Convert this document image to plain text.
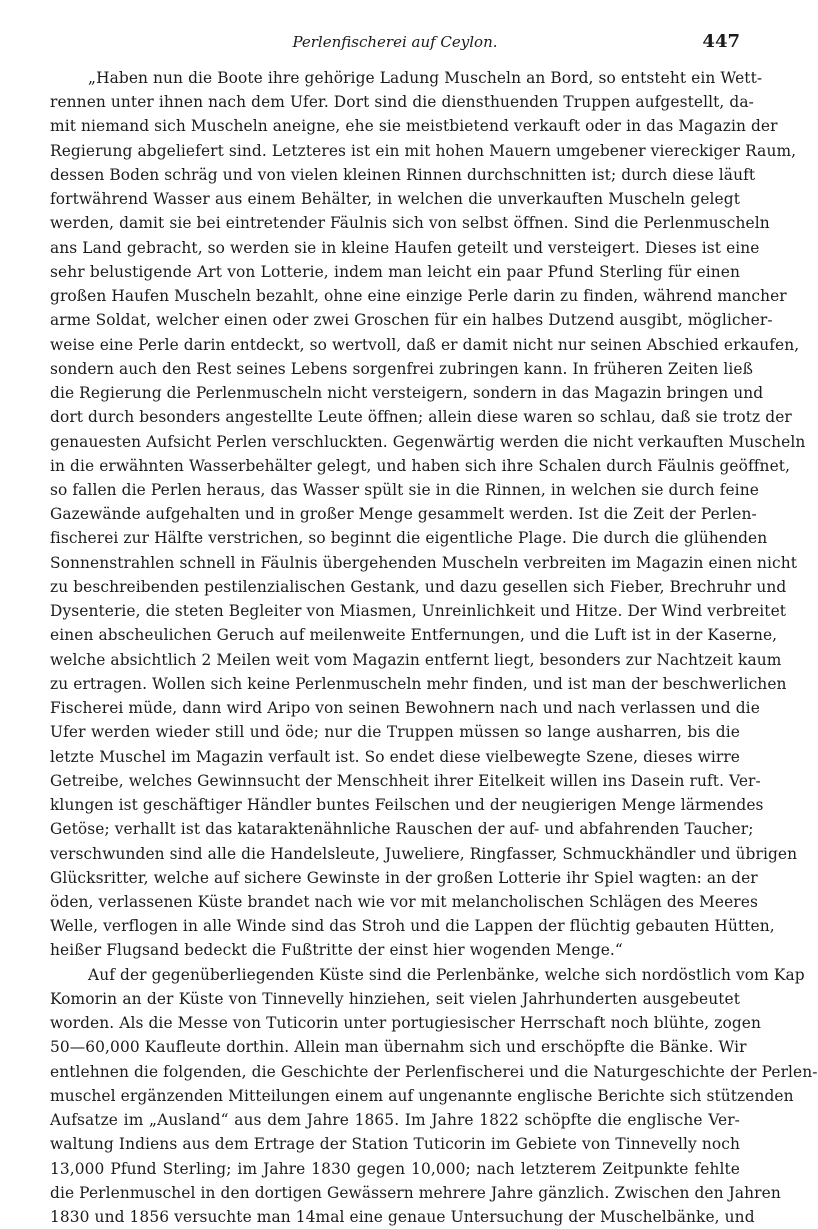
Perlenfischerei auf Ceylon.	447
„Haben nun die Boote ihre gehörige Ladung Muscheln an Bord, so entsteht ein Wett-
rennen unter ihnen nach dem Ufer. Dort sind die diensthuenden Truppen aufgestellt, da-
mit niemand sich Muscheln aneigne, ehe sie meistbietend verkauft oder in das Magazin der
Regierung abgeliefert sind. Letzteres ist ein mit hohen Mauern umgebener viereckiger Raum,
dessen Boden schräg und von vielen kleinen Rinnen durchschnitten ist; durch diese läuft
fortwährend Wasser aus einem Behälter, in welchen die unverkauften Muscheln gelegt
werden, damit sie bei eintretender Fäulnis sich von selbst öffnen. Sind die Perlenmuscheln
ans Land gebracht, so werden sie in kleine Haufen geteilt und versteigert. Dieses ist eine
sehr belustigende Art von Lotterie, indem man leicht ein paar Pfund Sterling für einen
großen Haufen Muscheln bezahlt, ohne eine einzige Perle darin zu finden, während mancher
arme Soldat, welcher einen oder zwei Groschen für ein halbes Dutzend ausgibt, möglicher-
weise eine Perle darin entdeckt, so wertvoll, daß er damit nicht nur seinen Abschied erkaufen,
sondern auch den Rest seines Lebens sorgenfrei zubringen kann. In früheren Zeiten ließ
die Regierung die Perlenmuscheln nicht versteigern, sondern in das Magazin bringen und
dort durch besonders angestellte Leute öffnen; allein diese waren so schlau, daß sie trotz der
genauesten Aufsicht Perlen verschluckten. Gegenwärtig werden die nicht verkauften Muscheln
in die erwähnten Wasserbehälter gelegt, und haben sich ihre Schalen durch Fäulnis geöffnet,
so fallen die Perlen heraus, das Wasser spült sie in die Rinnen, in welchen sie durch feine
Gazewände aufgehalten und in großer Menge gesammelt werden. Ist die Zeit der Perlen-
fischerei zur Hälfte verstrichen, so beginnt die eigentliche Plage. Die durch die glühenden
Sonnenstrahlen schnell in Fäulnis übergehenden Muscheln verbreiten im Magazin einen nicht
zu beschreibenden pestilenzialischen Gestank, und dazu gesellen sich Fieber, Brechruhr und
Dysenterie, die steten Begleiter von Miasmen, Unreinlichkeit und Hitze. Der Wind verbreitet
einen abscheulichen Geruch auf meilenweite Entfernungen, und die Luft ist in der Kaserne,
welche absichtlich 2 Meilen weit vom Magazin entfernt liegt, besonders zur Nachtzeit kaum
zu ertragen. Wollen sich keine Perlenmuscheln mehr finden, und ist man der beschwerlichen
Fischerei müde, dann wird Aripo von seinen Bewohnern nach und nach verlassen und die
Ufer werden wieder still und öde; nur die Truppen müssen so lange ausharren, bis die
letzte Muschel im Magazin verfault ist. So endet diese vielbewegte Szene, dieses wirre
Getreibe, welches Gewinnsucht der Menschheit ihrer Eitelkeit willen ins Dasein ruft. Ver-
klungen ist geschäftiger Händler buntes Feilschen und der neugierigen Menge lärmendes
Getöse; verhallt ist das kataraktenähnliche Rauschen der auf- und abfahrenden Taucher;
verschwunden sind alle die Handelsleute, Juweliere, Ringfasser, Schmuckhändler und übrigen
Glücksritter, welche auf sichere Gewinste in der großen Lotterie ihr Spiel wagten: an der
öden, verlassenen Küste brandet nach wie vor mit melancholischen Schlägen des Meeres
Welle, verflogen in alle Winde sind das Stroh und die Lappen der flüchtig gebauten Hütten,
heißer Flugsand bedeckt die Fußtritte der einst hier wogenden Menge.“
Auf der gegenüberliegenden Küste sind die Perlenbänke, welche sich nordöstlich vom Kap
Komorin an der Küste von Tinnevelly hinziehen, seit vielen Jahrhunderten ausgebeutet
worden. Als die Messe von Tuticorin unter portugiesischer Herrschaft noch blühte, zogen
50—60,000 Kaufleute dorthin. Allein man übernahm sich und erschöpfte die Bänke. Wir
entlehnen die folgenden, die Geschichte der Perlenfischerei und die Naturgeschichte der Perlen-
muschel ergänzenden Mitteilungen einem auf ungenannte englische Berichte sich stützenden
Aufsatze im „Ausland“ aus dem Jahre 1865. Im Jahre 1822 schöpfte die englische Ver-
waltung Indiens aus dem Ertrage der Station Tuticorin im Gebiete von Tinnevelly noch
13,000 Pfund Sterling; im Jahre 1830 gegen 10,000; nach letzterem Zeitpunkte fehlte
die Perlenmuschel in den dortigen Gewässern mehrere Jahre gänzlich. Zwischen den Jahren
1830 und 1856 versuchte man 14mal eine genaue Untersuchung der Muschelbänke, und
